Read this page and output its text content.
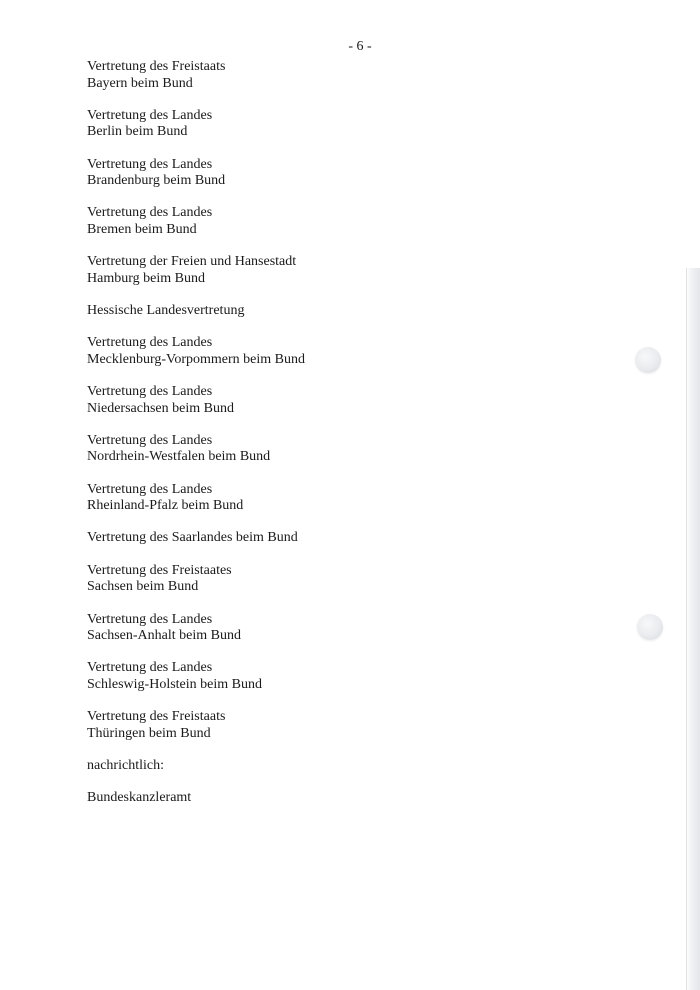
- 6 -
Vertretung des Freistaats
Bayern beim Bund
Vertretung des Landes
Berlin beim Bund
Vertretung des Landes
Brandenburg beim Bund
Vertretung des Landes
Bremen beim Bund
Vertretung der Freien und Hansestadt
Hamburg beim Bund
Hessische Landesvertretung
Vertretung des Landes
Mecklenburg-Vorpommern beim Bund
Vertretung des Landes
Niedersachsen beim Bund
Vertretung des Landes
Nordrhein-Westfalen beim Bund
Vertretung des Landes
Rheinland-Pfalz beim Bund
Vertretung des Saarlandes beim Bund
Vertretung des Freistaates
Sachsen beim Bund
Vertretung des Landes
Sachsen-Anhalt beim Bund
Vertretung des Landes
Schleswig-Holstein beim Bund
Vertretung des Freistaats
Thüringen beim Bund
nachrichtlich:
Bundeskanzleramt
